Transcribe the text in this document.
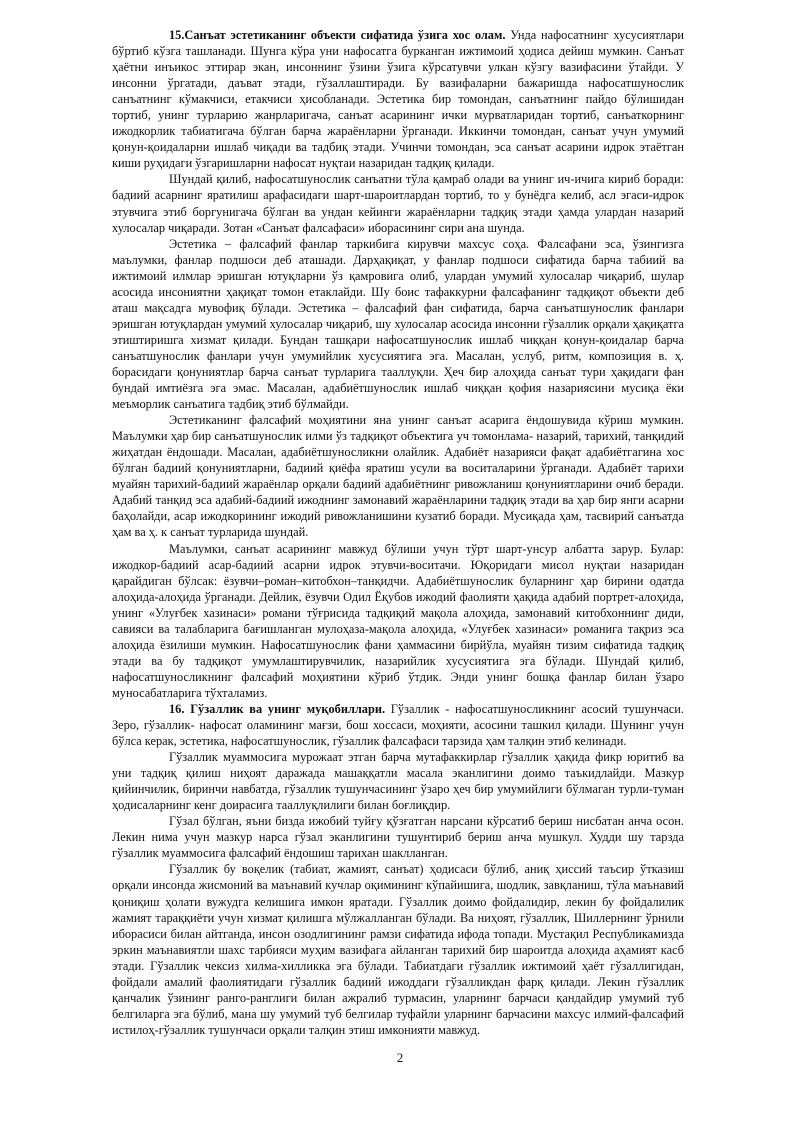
15.Санъат эстетиканинг объекти сифатида ўзига хос олам. Унда нафосатнинг хусусиятлари бўртиб кўзга ташланади. Шунга кўра уни нафосатга бурканган ижтимоий ҳодиса дейиш мумкин. Санъат ҳаётни инъикос эттирар экан, инсоннинг ўзини ўзига кўрсатувчи улкан кўзгу вазифасини ўтайди. У инсонни ўргатади, даъват этади, гўзаллаштиради. Бу вазифаларни бажаришда нафосатшунослик санъатнинг кўмакчиси, етакчиси ҳисобланади. Эстетика бир томондан, санъатнинг пайдо бўлишидан тортиб, унинг турларию жанрларигача, санъат асарининг ички мурватларидан тортиб, санъаткорнинг ижодкорлик табиатигача бўлган барча жараёнларни ўрганади. Иккинчи томондан, санъат учун умумий қонун-қоидаларни ишлаб чиқади ва тадбиқ этади. Учинчи томондан, эса санъат асарини идрок этаётган киши руҳидаги ўзгаришларни нафосат нуқтаи назаридан тадқиқ қилади.

Шундай қилиб, нафосатшунослик санъатни тўла қамраб олади ва унинг ич-ичига кириб боради: бадиий асарнинг яратилиш арафасидаги шарт-шароитлардан тортиб, то у бунёдга келиб, асл эгаси-идрок этувчига этиб боргунигача бўлган ва ундан кейинги жараёнларни тадқиқ этади ҳамда улардан назарий хулосалар чиқаради. Зотан «Санъат фалсафаси» иборасининг сири ана шунда.

Эстетика – фалсафий фанлар таркибига кирувчи махсус соҳа. Фалсафани эса, ўзингизга маълумки, фанлар подшоси деб аташади. Дарҳақиқат, у фанлар подшоси сифатида барча табиий ва ижтимоий илмлар эришган ютуқларни ўз қамровига олиб, улардан умумий хулосалар чиқариб, шулар асосида инсониятни ҳақиқат томон етаклайди. Шу боис тафаккурни фалсафанинг тадқиқот объекти деб аташ мақсадга мувофиқ бўлади. Эстетика – фалсафий фан сифатида, барча санъатшунослик фанлари эришган ютуқлардан умумий хулосалар чиқариб, шу хулосалар асосида инсонни гўзаллик орқали ҳақиқатга этиштиришга хизмат қилади. Бундан ташқари нафосатшунослик ишлаб чиққан қонун-қоидалар барча санъатшунослик фанлари учун умумийлик хусусиятига эга. Масалан, услуб, ритм, композиция в. ҳ. борасидаги қонуниятлар барча санъат турларига тааллуқли. Ҳеч бир алоҳида санъат тури ҳақидаги фан бундай имтиёзга эга эмас. Масалан, адабиётшунослик ишлаб чиққан қофия назариясини мусиқа ёки меъморлик санъатига тадбиқ этиб бўлмайди.

Эстетиканинг фалсафий моҳиятини яна унинг санъат асарига ёндошувида кўриш мумкин. Маълумки ҳар бир санъатшунослик илми ўз тадқиқот объектига уч томонлама- назарий, тарихий, танқидий жиҳатдан ёндошади. Масалан, адабиётшуносликни олайлик. Адабиёт назарияси фақат адабиётгагина хос бўлган бадиий қонуниятларни, бадиий қиёфа яратиш усули ва воситаларини ўрганади. Адабиёт тарихи муайян тарихий-бадиий жараёнлар орқали бадиий адабиётнинг ривожланиш қонуниятларини очиб беради. Адабий танқид эса адабий-бадиий ижоднинг замонавий жараёнларини тадқиқ этади ва ҳар бир янги асарни баҳолайди, асар ижодкорининг ижодий ривожланишини кузатиб боради. Мусиқада ҳам, тасвирий санъатда ҳам ва ҳ. к санъат турларида шундай.

Маълумки, санъат асарининг мавжуд бўлиши учун тўрт шарт-унсур албатта зарур. Булар: ижодкор-бадиий асар-бадиий асарни идрок этувчи-воситачи. Юқоридаги мисол нуқтаи назаридан қарайдиган бўлсак: ёзувчи–роман–китобхон–танқидчи. Адабиётшунослик буларнинг ҳар бирини одатда алоҳида-алоҳида ўрганади. Дейлик, ёзувчи Одил Ёқубов ижодий фаолияти ҳақида адабий портрет-алоҳида, унинг «Улуғбек хазинаси» романи тўғрисида тадқиқий мақола алоҳида, замонавий китобхоннинг диди, савияси ва талабларига бағишланган мулоҳаза-мақола алоҳида, «Улуғбек хазинаси» романига тақриз эса алоҳида ёзилиши мумкин. Нафосатшунослик фани ҳаммасини бирйўла, муайян тизим сифатида тадқиқ этади ва бу тадқиқот умумлаштирувчилик, назарийлик хусусиятига эга бўлади. Шундай қилиб, нафосатшуносликнинг фалсафий моҳиятини кўриб ўтдик. Энди унинг бошқа фанлар билан ўзаро муносабатларига тўхталамиз.

16. Гўзаллик ва унинг муқобиллари. Гўзаллик - нафосатшуносликнинг асосий тушунчаси. Зеро, гўзаллик- нафосат оламининг мағзи, бош хоссаси, моҳияти, асосини ташкил қилади. Шунинг учун бўлса керак, эстетика, нафосатшунослик, гўзаллик фалсафаси тарзида ҳам талқин этиб келинади.

Гўзаллик муаммосига мурожаат этган барча мутафаккирлар гўзаллик ҳақида фикр юритиб ва уни тадқиқ қилиш ниҳоят даражада машаққатли масала эканлигини доимо таъкидлайди. Мазкур қийинчилик, биринчи навбатда, гўзаллик тушунчасининг ўзаро ҳеч бир умумийлиги бўлмаган турли-туман ҳодисаларнинг кенг доирасига тааллуқлилиги билан боғлиқдир.

Гўзал бўлган, яъни бизда ижобий туйғу қўзғатган нарсани кўрсатиб бериш нисбатан анча осон. Лекин нима учун мазкур нарса гўзал эканлигини тушунтириб бериш анча мушкул. Худди шу тарзда гўзаллик муаммосига фалсафий ёндошиш тарихан шаклланган.

Гўзаллик бу воқелик (табиат, жамият, санъат) ҳодисаси бўлиб, аниқ ҳиссий таъсир ўтказиш орқали инсонда жисмоний ва маънавий кучлар оқимининг кўпайишига, шодлик, завқланиш, тўла маънавий қониқиш ҳолати вужудга келишига имкон яратади. Гўзаллик доимо фойдалидир, лекин бу фойдалилик жамият тараққиёти учун хизмат қилишга мўлжалланган бўлади. Ва ниҳоят, гўзаллик, Шиллернинг ўрнили иборасиси билан айтганда, инсон озодлигининг рамзи сифатида ифода топади. Мустақил Республикамизда эркин маънавиятли шахс тарбияси муҳим вазифага айланган тарихий бир шароитда алоҳида аҳамият касб этади. Гўзаллик чексиз хилма-хилликка эга бўлади. Табиатдаги гўзаллик ижтимоий ҳаёт гўзаллигидан, фойдали амалий фаолиятидаги гўзаллик бадиий ижоддаги гўзалликдан фарқ қилади. Лекин гўзаллик қанчалик ўзининг ранго-ранглиги билан ажралиб турмасин, уларнинг барчаси қандайдир умумий туб белгиларга эга бўлиб, мана шу умумий туб белгилар туфайли уларнинг барчасини махсус илмий-фалсафий истилоҳ-гўзаллик тушунчаси орқали талқин этиш имконияти мавжуд.

2
